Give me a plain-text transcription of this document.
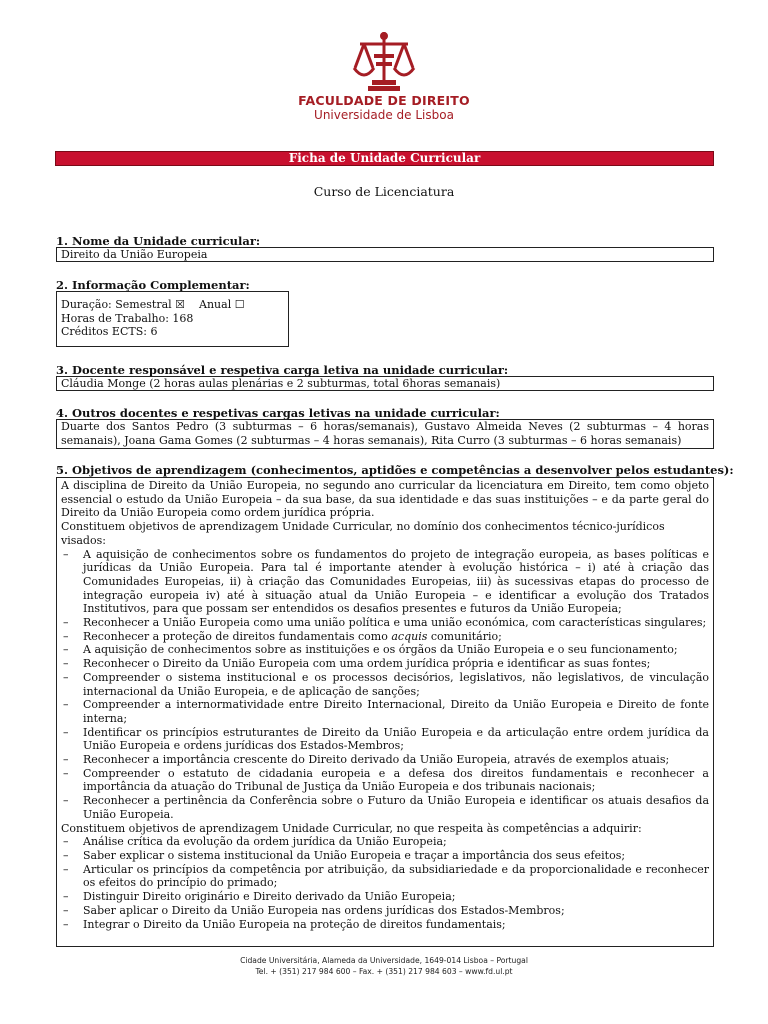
FACULDADE DE DIREITO
Universidade de Lisboa
Ficha de Unidade Curricular
Curso de Licenciatura
1. Nome da Unidade curricular:
Direito da União Europeia
2. Informação Complementar:

Duração: Semestral ☒ Anual ☐

Horas de Trabalho: 168

Créditos ECTS: 6

3. Docente responsável e respetiva carga letiva na unidade curricular:
Cláudia Monge (2 horas aulas plenárias e 2 subturmas, total 6horas semanais)
4. Outros docentes e respetivas cargas letivas na unidade curricular:
Duarte dos Santos Pedro (3 subturmas – 6 horas/semanais), Gustavo Almeida Neves (2 subturmas – 4 horas semanais), Joana Gama Gomes (2 subturmas – 4 horas semanais), Rita Curro (3 subturmas – 6 horas semanais)
5. Objetivos de aprendizagem (conhecimentos, aptidões e competências a desenvolver pelos estudantes):

A disciplina de Direito da União Europeia, no segundo ano curricular da licenciatura em Direito, tem como objeto essencial o estudo da União Europeia – da sua base, da sua identidade e das suas instituições – e da parte geral do Direito da União Europeia como ordem jurídica própria.

Constituem objetivos de aprendizagem Unidade Curricular, no domínio dos conhecimentos técnico-jurídicos visados:

– A aquisição de conhecimentos sobre os fundamentos do projeto de integração europeia, as bases políticas e jurídicas da União Europeia. Para tal é importante atender à evolução histórica – i) até à criação das Comunidades Europeias, ii) à criação das Comunidades Europeias, iii) às sucessivas etapas do processo de integração europeia iv) até à situação atual da União Europeia – e identificar a evolução dos Tratados Institutivos, para que possam ser entendidos os desafios presentes e futuros da União Europeia;
– Reconhecer a União Europeia como uma união política e uma união económica, com características singulares;
– Reconhecer a proteção de direitos fundamentais como acquis comunitário;
– A aquisição de conhecimentos sobre as instituições e os órgãos da União Europeia e o seu funcionamento;
– Reconhecer o Direito da União Europeia com uma ordem jurídica própria e identificar as suas fontes;
– Compreender o sistema institucional e os processos decisórios, legislativos, não legislativos, de vinculação internacional da União Europeia, e de aplicação de sanções;
– Compreender a internormatividade entre Direito Internacional, Direito da União Europeia e Direito de fonte interna;
– Identificar os princípios estruturantes de Direito da União Europeia e da articulação entre ordem jurídica da União Europeia e ordens jurídicas dos Estados-Membros;
– Reconhecer a importância crescente do Direito derivado da União Europeia, através de exemplos atuais;
– Compreender o estatuto de cidadania europeia e a defesa dos direitos fundamentais e reconhecer a importância da atuação do Tribunal de Justiça da União Europeia e dos tribunais nacionais;
– Reconhecer a pertinência da Conferência sobre o Futuro da União Europeia e identificar os atuais desafios da União Europeia.

Constituem objetivos de aprendizagem Unidade Curricular, no que respeita às competências a adquirir:

– Análise crítica da evolução da ordem jurídica da União Europeia;
– Saber explicar o sistema institucional da União Europeia e traçar a importância dos seus efeitos;
– Articular os princípios da competência por atribuição, da subsidiariedade e da proporcionalidade e reconhecer os efeitos do princípio do primado;
– Distinguir Direito originário e Direito derivado da União Europeia;
– Saber aplicar o Direito da União Europeia nas ordens jurídicas dos Estados-Membros;
– Integrar o Direito da União Europeia na proteção de direitos fundamentais;
Cidade Universitária, Alameda da Universidade, 1649-014 Lisboa – Portugal
Tel. + (351) 217 984 600 – Fax. + (351) 217 984 603 – www.fd.ul.pt
